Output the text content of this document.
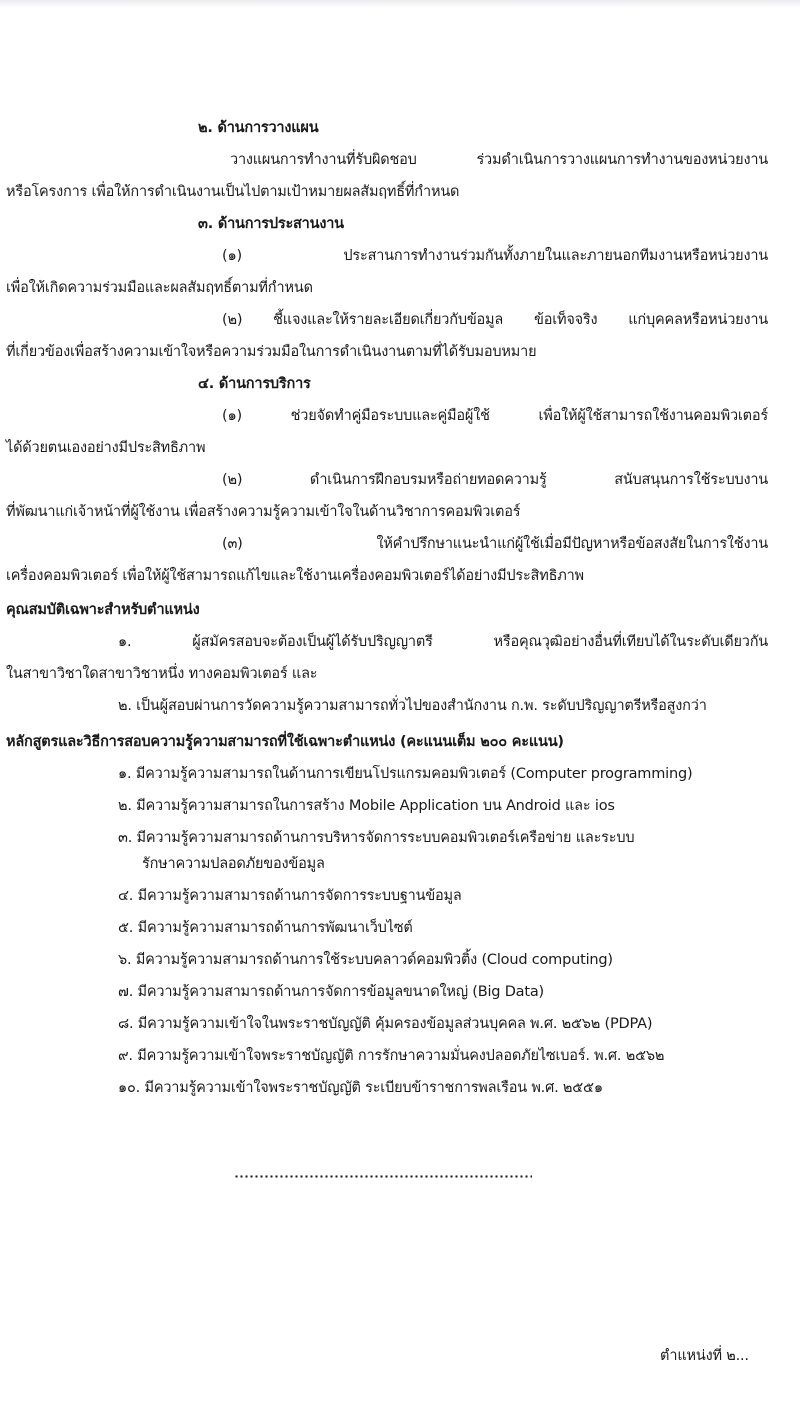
๒. ด้านการวางแผน
วางแผนการทำงานที่รับผิดชอบ ร่วมดำเนินการวางแผนการทำงานของหน่วยงาน
หรือโครงการ เพื่อให้การดำเนินงานเป็นไปตามเป้าหมายผลสัมฤทธิ์ที่กำหนด
๓. ด้านการประสานงาน
(๑) ประสานการทำงานร่วมกันทั้งภายในและภายนอกทีมงานหรือหน่วยงาน
เพื่อให้เกิดความร่วมมือและผลสัมฤทธิ์ตามที่กำหนด
(๒) ชี้แจงและให้รายละเอียดเกี่ยวกับข้อมูล ข้อเท็จจริง แก่บุคคลหรือหน่วยงาน
ที่เกี่ยวข้องเพื่อสร้างความเข้าใจหรือความร่วมมือในการดำเนินงานตามที่ได้รับมอบหมาย
๔. ด้านการบริการ
(๑) ช่วยจัดทำคู่มือระบบและคู่มือผู้ใช้ เพื่อให้ผู้ใช้สามารถใช้งานคอมพิวเตอร์
ได้ด้วยตนเองอย่างมีประสิทธิภาพ
(๒) ดำเนินการฝึกอบรมหรือถ่ายทอดความรู้ สนับสนุนการใช้ระบบงาน
ที่พัฒนาแก่เจ้าหน้าที่ผู้ใช้งาน เพื่อสร้างความรู้ความเข้าใจในด้านวิชาการคอมพิวเตอร์
(๓) ให้คำปรึกษาแนะนำแก่ผู้ใช้เมื่อมีปัญหาหรือข้อสงสัยในการใช้งาน
เครื่องคอมพิวเตอร์ เพื่อให้ผู้ใช้สามารถแก้ไขและใช้งานเครื่องคอมพิวเตอร์ได้อย่างมีประสิทธิภาพ
คุณสมบัติเฉพาะสำหรับตำแหน่ง
๑. ผู้สมัครสอบจะต้องเป็นผู้ได้รับปริญญาตรี หรือคุณวุฒิอย่างอื่นที่เทียบได้ในระดับเดียวกัน
ในสาขาวิชาใดสาขาวิชาหนึ่ง ทางคอมพิวเตอร์ และ
๒. เป็นผู้สอบผ่านการวัดความรู้ความสามารถทั่วไปของสำนักงาน ก.พ. ระดับปริญญาตรีหรือสูงกว่า
หลักสูตรและวิธีการสอบความรู้ความสามารถที่ใช้เฉพาะตำแหน่ง (คะแนนเต็ม ๒๐๐ คะแนน)
๑. มีความรู้ความสามารถในด้านการเขียนโปรแกรมคอมพิวเตอร์ (Computer programming)
๒. มีความรู้ความสามารถในการสร้าง Mobile Application บน Android และ ios
๓. มีความรู้ความสามารถด้านการบริหารจัดการระบบคอมพิวเตอร์เครือข่าย และระบบ
รักษาความปลอดภัยของข้อมูล
๔. มีความรู้ความสามารถด้านการจัดการระบบฐานข้อมูล
๕. มีความรู้ความสามารถด้านการพัฒนาเว็บไซต์
๖. มีความรู้ความสามารถด้านการใช้ระบบคลาวด์คอมพิวติ้ง (Cloud computing)
๗. มีความรู้ความสามารถด้านการจัดการข้อมูลขนาดใหญ่ (Big Data)
๘. มีความรู้ความเข้าใจในพระราชบัญญัติ คุ้มครองข้อมูลส่วนบุคคล พ.ศ. ๒๕๖๒ (PDPA)
๙. มีความรู้ความเข้าใจพระราชบัญญัติ การรักษาความมั่นคงปลอดภัยไซเบอร์. พ.ศ. ๒๕๖๒
๑๐. มีความรู้ความเข้าใจพระราชบัญญัติ ระเบียบข้าราชการพลเรือน พ.ศ. ๒๕๕๑
ตำแหน่งที่ ๒...
